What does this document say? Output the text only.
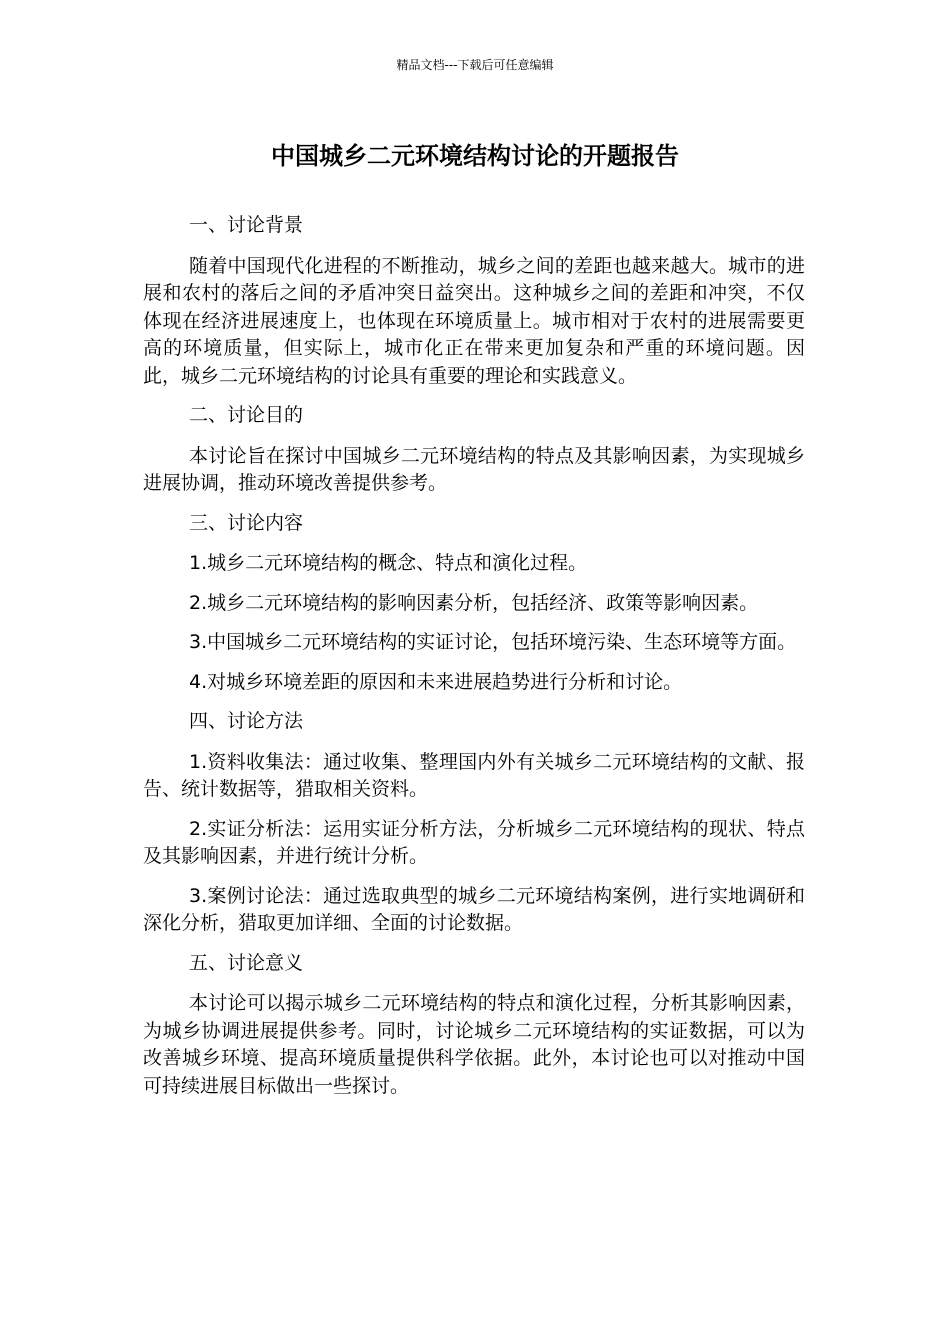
精品文档---下载后可任意编辑
中国城乡二元环境结构讨论的开题报告

一、讨论背景

随着中国现代化进程的不断推动，城乡之间的差距也越来越大。城市的进展和农村的落后之间的矛盾冲突日益突出。这种城乡之间的差距和冲突，不仅体现在经济进展速度上，也体现在环境质量上。城市相对于农村的进展需要更高的环境质量，但实际上，城市化正在带来更加复杂和严重的环境问题。因此，城乡二元环境结构的讨论具有重要的理论和实践意义。

二、讨论目的

本讨论旨在探讨中国城乡二元环境结构的特点及其影响因素，为实现城乡进展协调，推动环境改善提供参考。

三、讨论内容

1.城乡二元环境结构的概念、特点和演化过程。

2.城乡二元环境结构的影响因素分析，包括经济、政策等影响因素。

3.中国城乡二元环境结构的实证讨论，包括环境污染、生态环境等方面。

4.对城乡环境差距的原因和未来进展趋势进行分析和讨论。

四、讨论方法

1.资料收集法：通过收集、整理国内外有关城乡二元环境结构的文献、报告、统计数据等，猎取相关资料。

2.实证分析法：运用实证分析方法，分析城乡二元环境结构的现状、特点及其影响因素，并进行统计分析。

3.案例讨论法：通过选取典型的城乡二元环境结构案例，进行实地调研和深化分析，猎取更加详细、全面的讨论数据。

五、讨论意义

本讨论可以揭示城乡二元环境结构的特点和演化过程，分析其影响因素，为城乡协调进展提供参考。同时，讨论城乡二元环境结构的实证数据，可以为改善城乡环境、提高环境质量提供科学依据。此外，本讨论也可以对推动中国可持续进展目标做出一些探讨。
